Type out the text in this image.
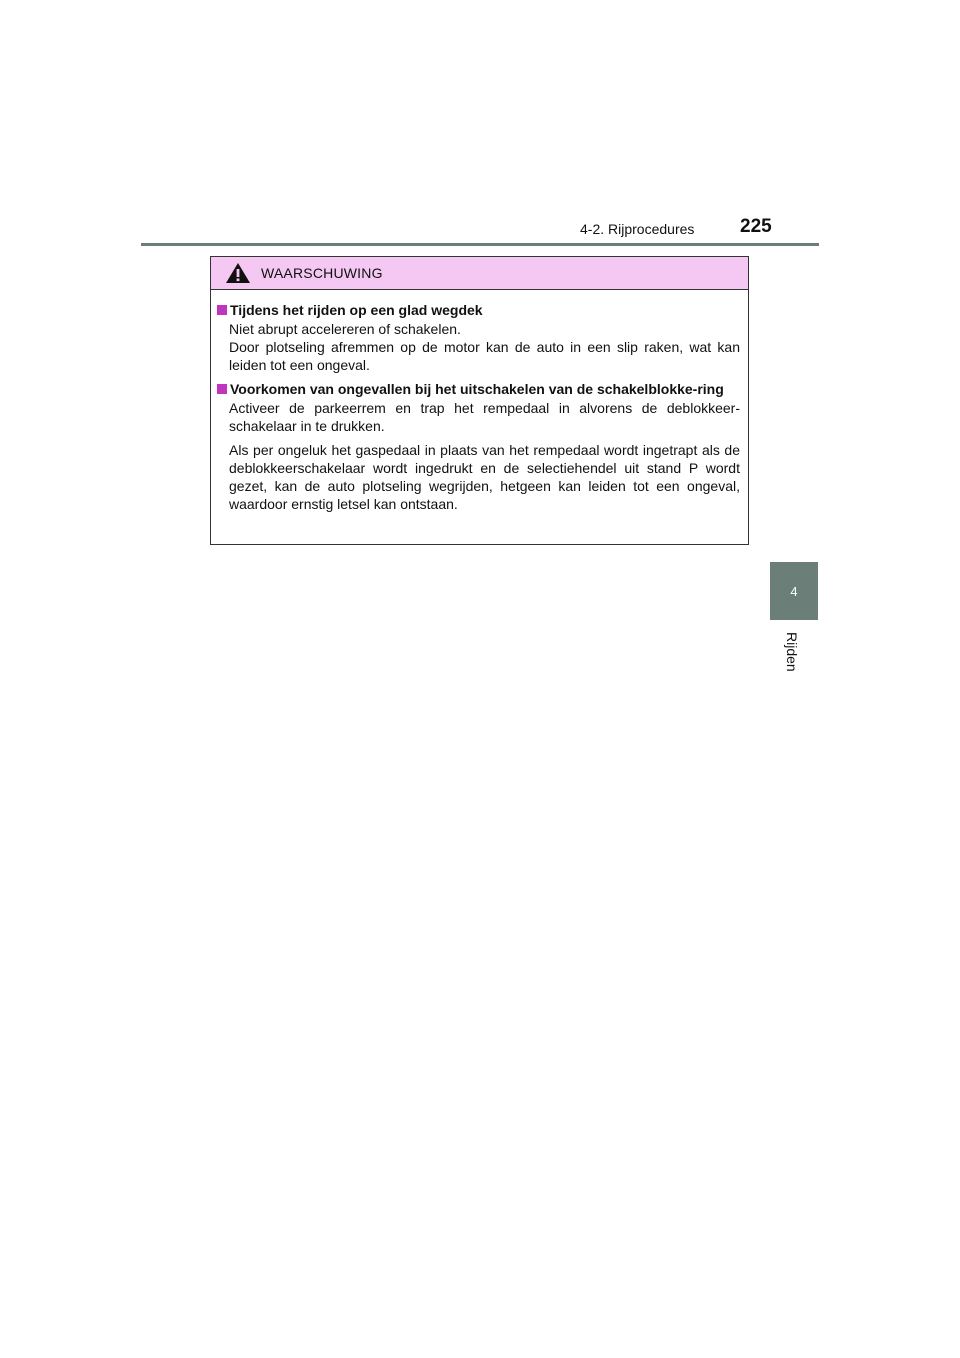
4-2. Rijprocedures 225
4
Rijden
WAARSCHUWING
Tijdens het rijden op een glad wegdek
Niet abrupt accelereren of schakelen.
Door plotseling afremmen op de motor kan de auto in een slip raken, wat kan leiden tot een ongeval.
Voorkomen van ongevallen bij het uitschakelen van de schakelblokke-ring
Activeer de parkeerrem en trap het rempedaal in alvorens de deblokkeer-schakelaar in te drukken.
Als per ongeluk het gaspedaal in plaats van het rempedaal wordt ingetrapt als de deblokkeerschakelaar wordt ingedrukt en de selectiehendel uit stand P wordt gezet, kan de auto plotseling wegrijden, hetgeen kan leiden tot een ongeval, waardoor ernstig letsel kan ontstaan.
